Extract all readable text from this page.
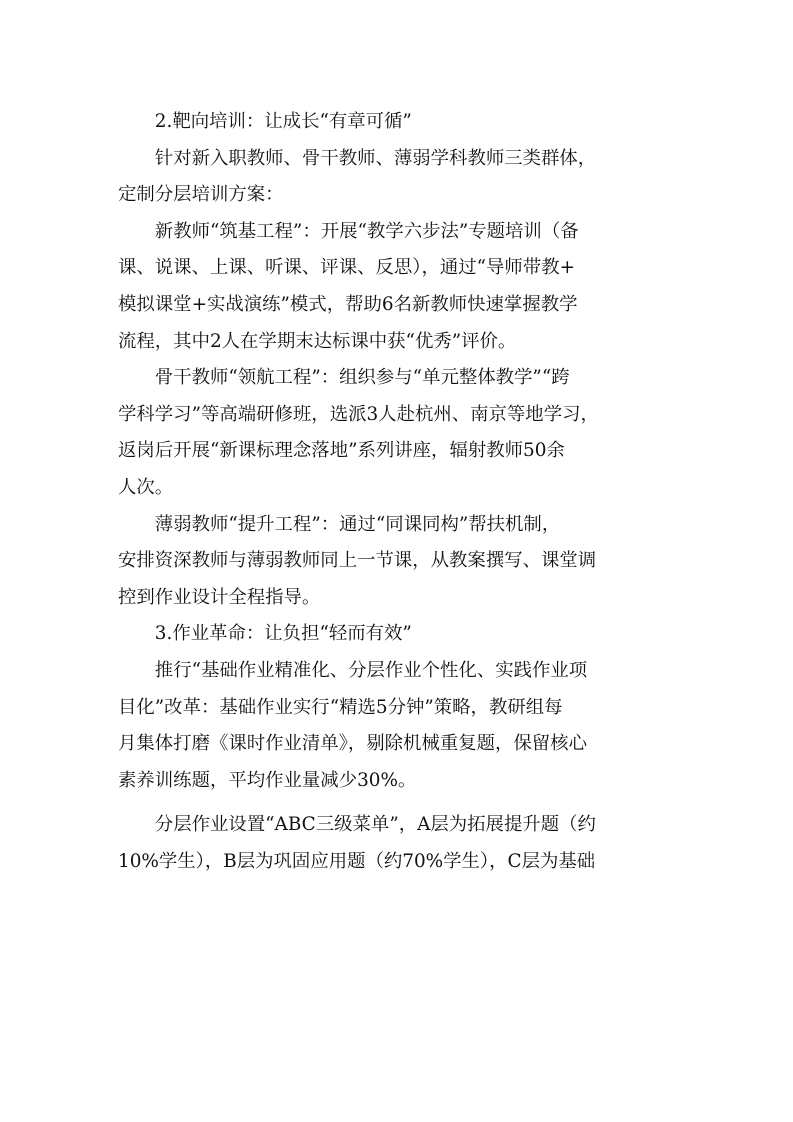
2.靶向培训：让成长“有章可循”

针对新入职教师、骨干教师、薄弱学科教师三类群体，
定制分层培训方案：

新教师“筑基工程”：开展“教学六步法”专题培训（备
课、说课、上课、听课、评课、反思），通过“导师带教+
模拟课堂+实战演练”模式，帮助6名新教师快速掌握教学
流程，其中2人在学期末达标课中获“优秀”评价。

骨干教师“领航工程”：组织参与“单元整体教学”“跨
学科学习”等高端研修班，选派3人赴杭州、南京等地学习，
返岗后开展“新课标理念落地”系列讲座，辐射教师50余
人次。

薄弱教师“提升工程”：通过“同课同构”帮扶机制，
安排资深教师与薄弱教师同上一节课，从教案撰写、课堂调
控到作业设计全程指导。

3.作业革命：让负担“轻而有效”

推行“基础作业精准化、分层作业个性化、实践作业项
目化”改革：基础作业实行“精选5分钟”策略，教研组每
月集体打磨《课时作业清单》，剔除机械重复题，保留核心
素养训练题，平均作业量减少30%。

分层作业设置“ABC三级菜单”，A层为拓展提升题（约
10%学生），B层为巩固应用题（约70%学生），C层为基础
